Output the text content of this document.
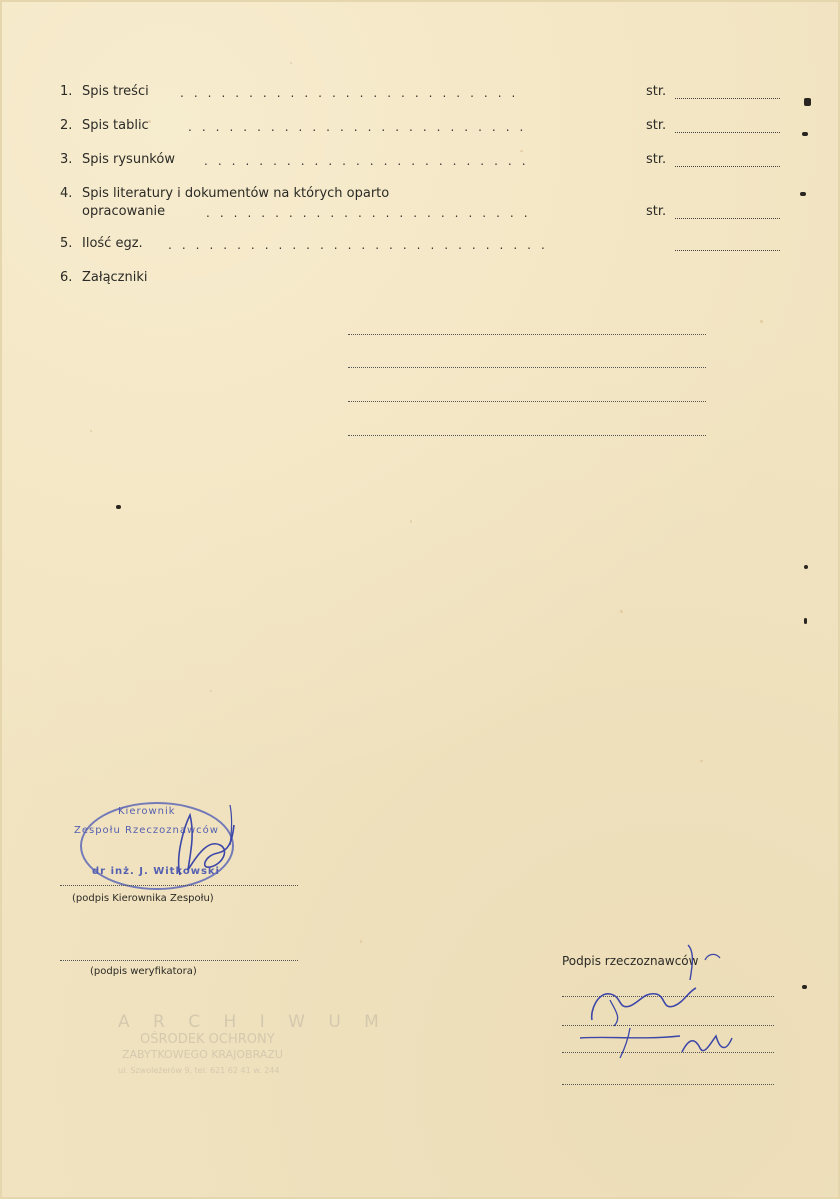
1. Spis treści	.........................	str.
2. Spis tablic	.........................	str.
3. Spis rysunków ........................	str.
4. Spis literatury i dokumentów na których oparto
opracowanie	........................	str.
5. Ilość egz. ............................
6. Załączniki
A R C H I W U M
OŚRODEK OCHRONY
ZABYTKOWEGO KRAJOBRAZU
ul. Szwoleżerów 9, tel. 621 62 41 w. 244
Kierownik
Zespołu Rzeczoznawców
dr inż. J. Witkowski
(podpis Kierownika Zespołu)
(podpis weryfikatora)
Podpis rzeczoznawców
